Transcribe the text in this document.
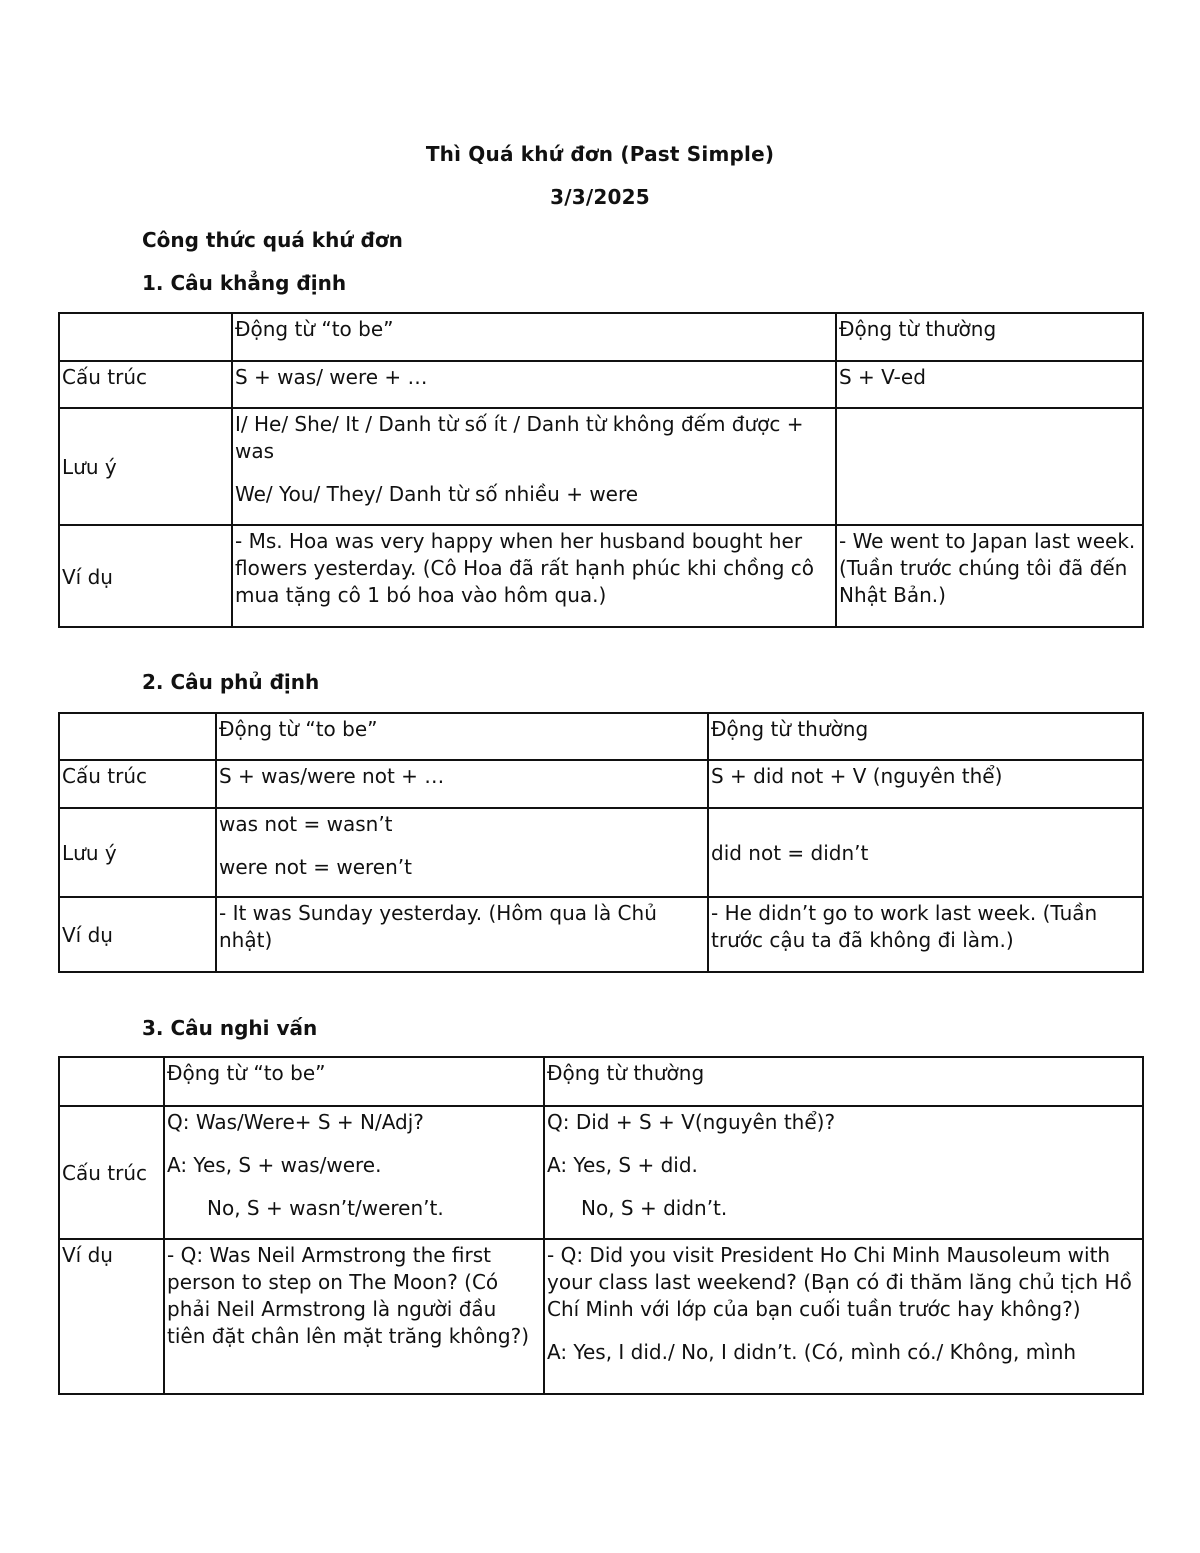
Thì Quá khứ đơn (Past Simple)
3/3/2025
Công thức quá khứ đơn
1. Câu khẳng định
	Động từ “to be”	Động từ thường
Cấu trúc	S + was/ were + …	S + V-ed

Lưu ý	I/ He/ She/ It / Danh từ số ít / Danh từ không đếm được + was
We/ You/ They/ Danh từ số nhiều + were	

Ví dụ	- Ms. Hoa was very happy when her husband bought her flowers yesterday. (Cô Hoa đã rất hạnh phúc khi chồng cô mua tặng cô 1 bó hoa vào hôm qua.)	- We went to Japan last week. (Tuần trước chúng tôi đã đến Nhật Bản.)
2. Câu phủ định
	Động từ “to be”	Động từ thường
Cấu trúc	S + was/were not + …	S + did not + V (nguyên thể)

Lưu ý	was not = wasn’t
were not = weren’t	did not = didn’t

Ví dụ	- It was Sunday yesterday. (Hôm qua là Chủ nhật)	- He didn’t go to work last week. (Tuần trước cậu ta đã không đi làm.)
3. Câu nghi vấn
	Động từ “to be”	Động từ thường
Cấu trúc	Q: Was/Were+ S + N/Adj?
A: Yes, S + was/were.
No, S + wasn’t/weren’t.	Q: Did + S + V(nguyên thể)?
A: Yes, S + did.
No, S + didn’t.

Ví dụ	- Q: Was Neil Armstrong the first person to step on The Moon? (Có phải Neil Armstrong là người đầu tiên đặt chân lên mặt trăng không?)	- Q: Did you visit President Ho Chi Minh Mausoleum with your class last weekend? (Bạn có đi thăm lăng chủ tịch Hồ Chí Minh với lớp của bạn cuối tuần trước hay không?)
A: Yes, I did./ No, I didn’t. (Có, mình có./ Không, mình
